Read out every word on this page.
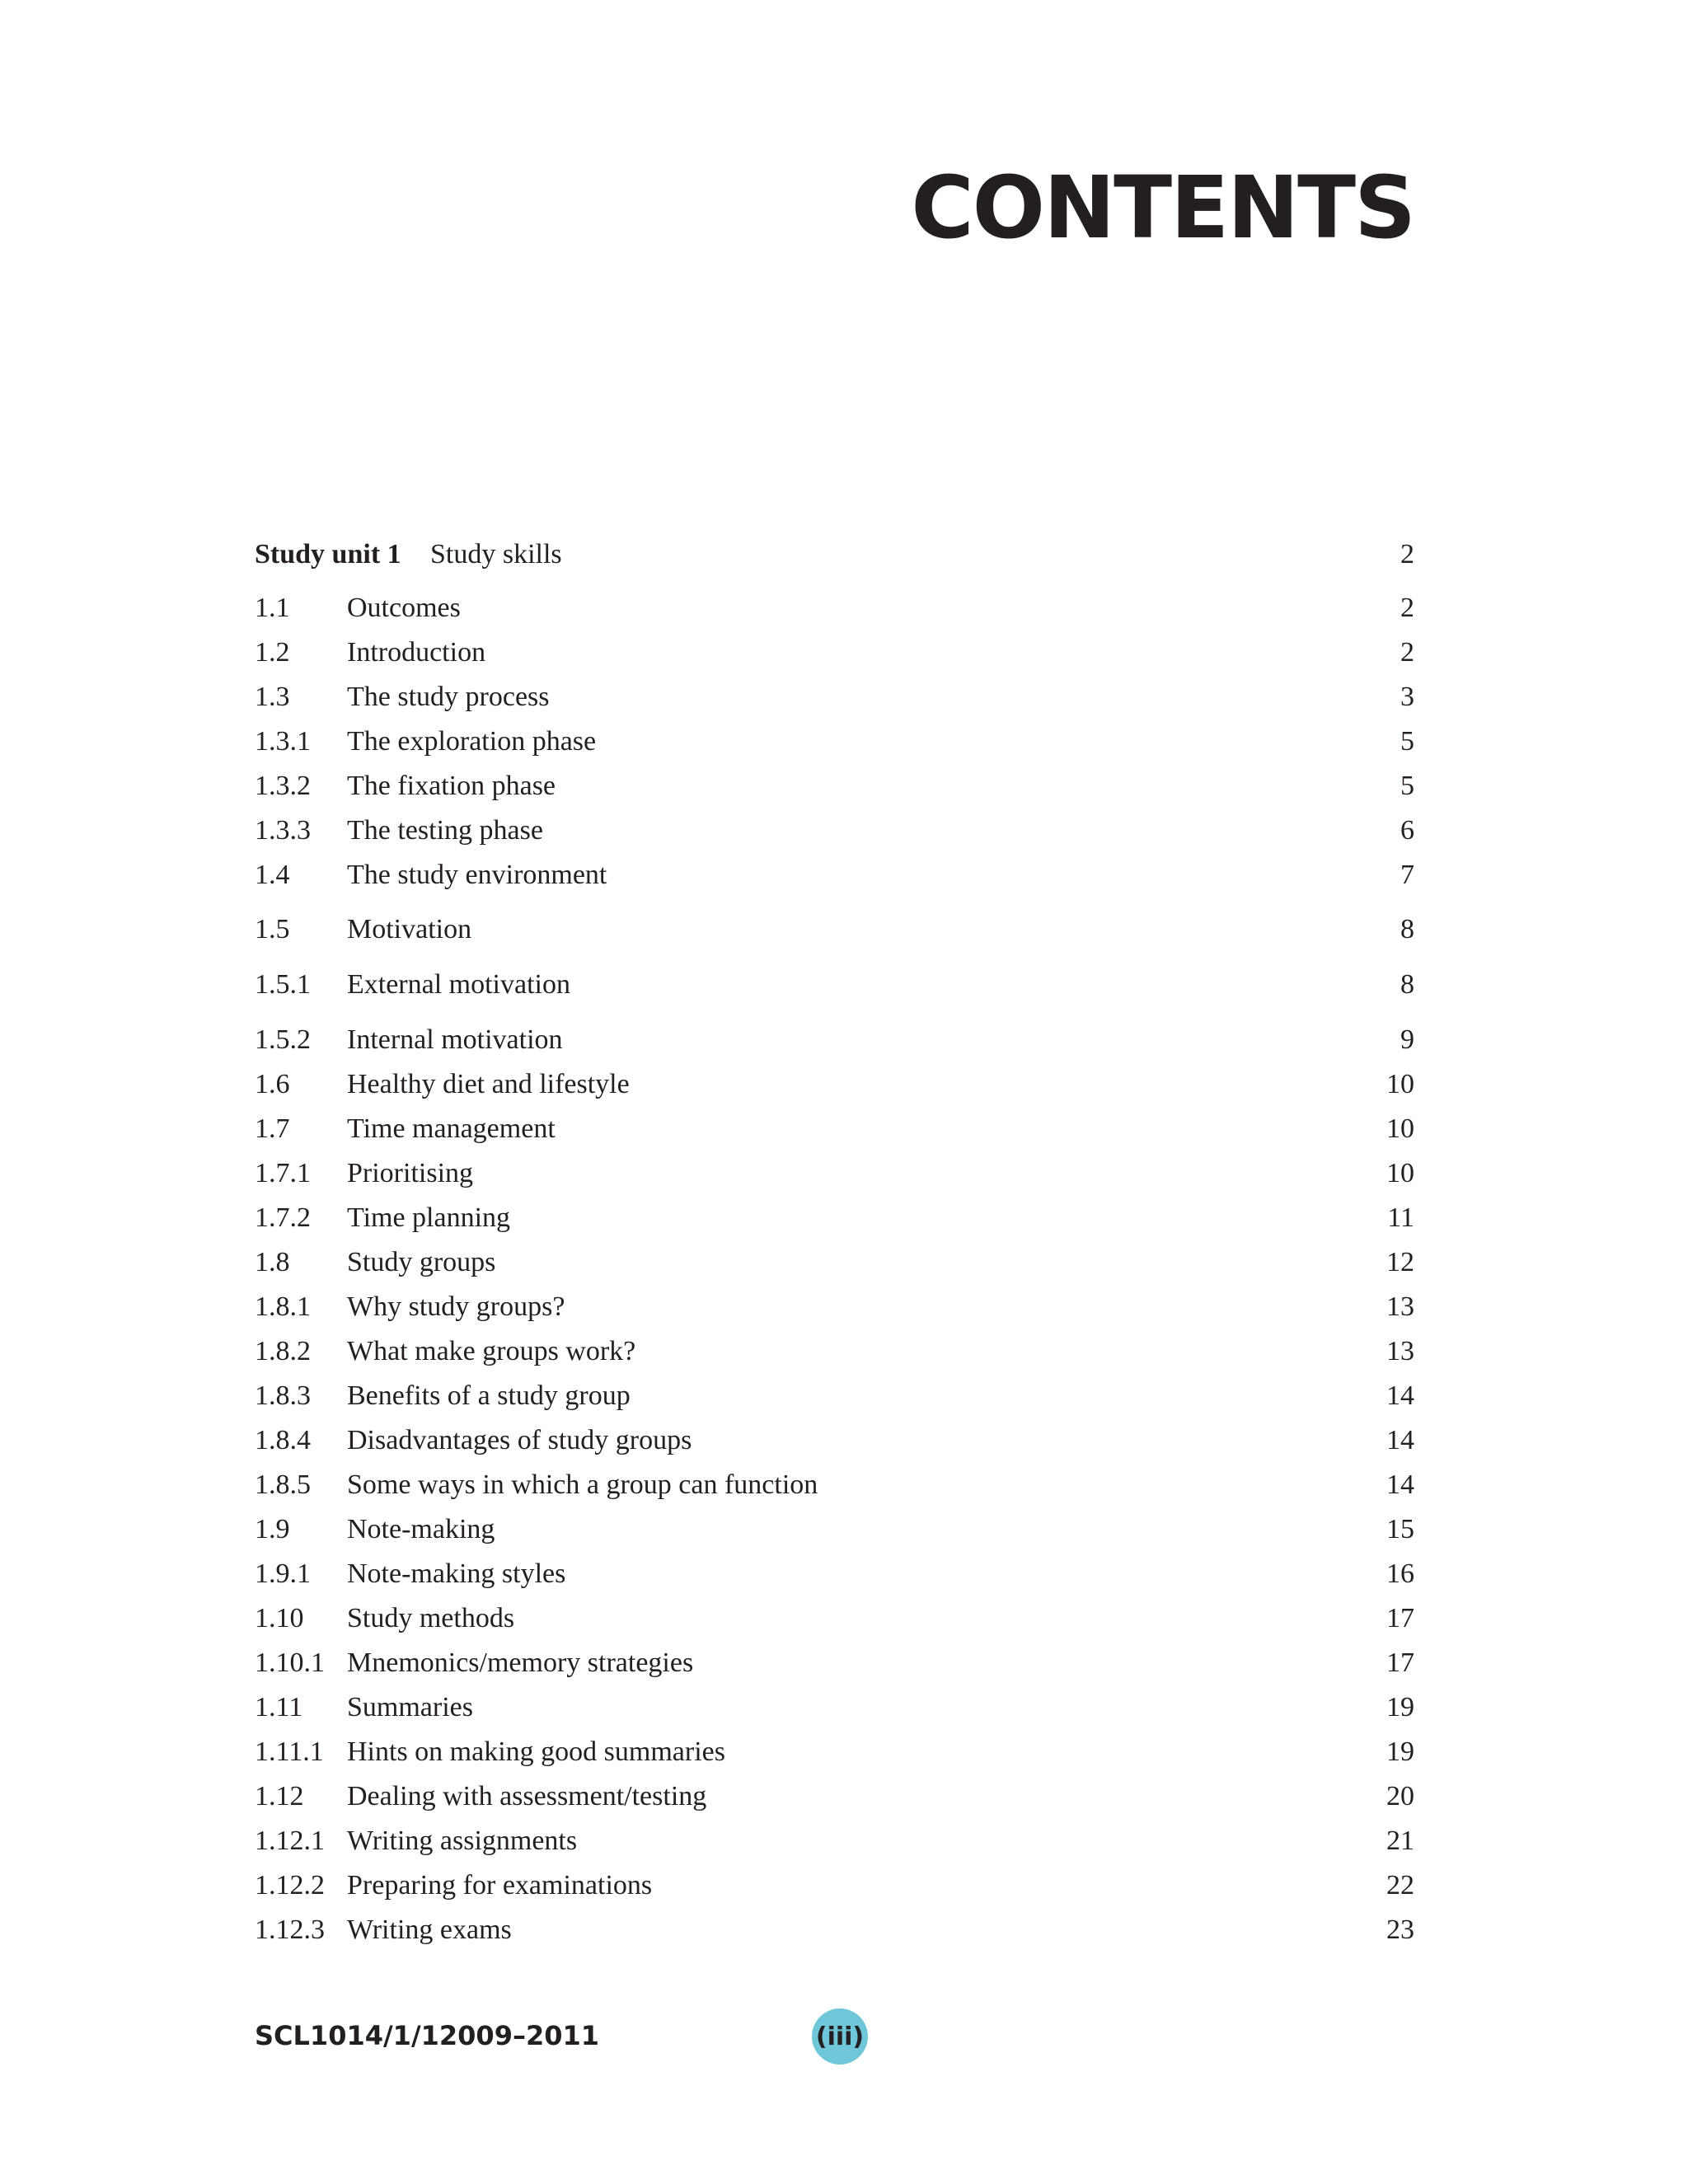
CONTENTS
Study unit 1 Study skills	2
1.1 Outcomes	2
1.2 Introduction	2
1.3 The study process	3
1.3.1 The exploration phase	5
1.3.2 The fixation phase	5
1.3.3 The testing phase	6
1.4 The study environment	7
1.5 Motivation	8
1.5.1 External motivation	8
1.5.2 Internal motivation	9
1.6 Healthy diet and lifestyle	10
1.7 Time management	10
1.7.1 Prioritising	10
1.7.2 Time planning	11
1.8 Study groups	12
1.8.1 Why study groups?	13
1.8.2 What make groups work?	13
1.8.3 Benefits of a study group	14
1.8.4 Disadvantages of study groups	14
1.8.5 Some ways in which a group can function	14
1.9 Note-making	15
1.9.1 Note-making styles	16
1.10 Study methods	17
1.10.1 Mnemonics/memory strategies	17
1.11 Summaries	19
1.11.1 Hints on making good summaries	19
1.12 Dealing with assessment/testing	20
1.12.1 Writing assignments	21
1.12.2 Preparing for examinations	22
1.12.3 Writing exams	23
SCL1014/1/12009–2011	(iii)
